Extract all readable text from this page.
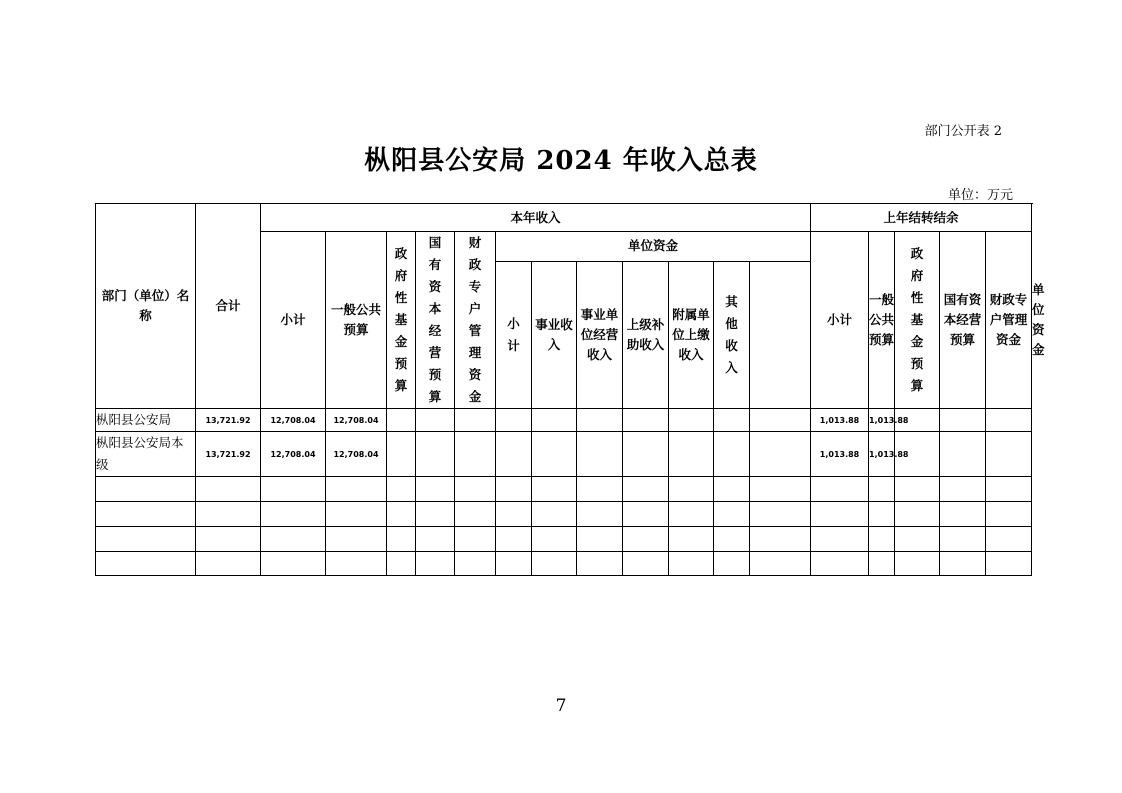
部门公开表 2
枞阳县公安局 2024 年收入总表
单位：万元
部门（单位）名称	合计	本年收入												上年结转结余					
		小计	一般公共预算	政府性基金预算	国有资本经营预算	财政专户管理资金	单位资金							小计	一般公共预算	政府性基金预算	国有资本经营预算	财政专户管理资金	单位资金
							小计	事业收入	事业单位经营收入	上级补助收入	附属单位上缴收入	其他收入							
枞阳县公安局	13,721.92	12,708.04	12,708.04											1,013.88	1,013.88				
枞阳县公安局本级	13,721.92	12,708.04	12,708.04											1,013.88	1,013.88				

7
